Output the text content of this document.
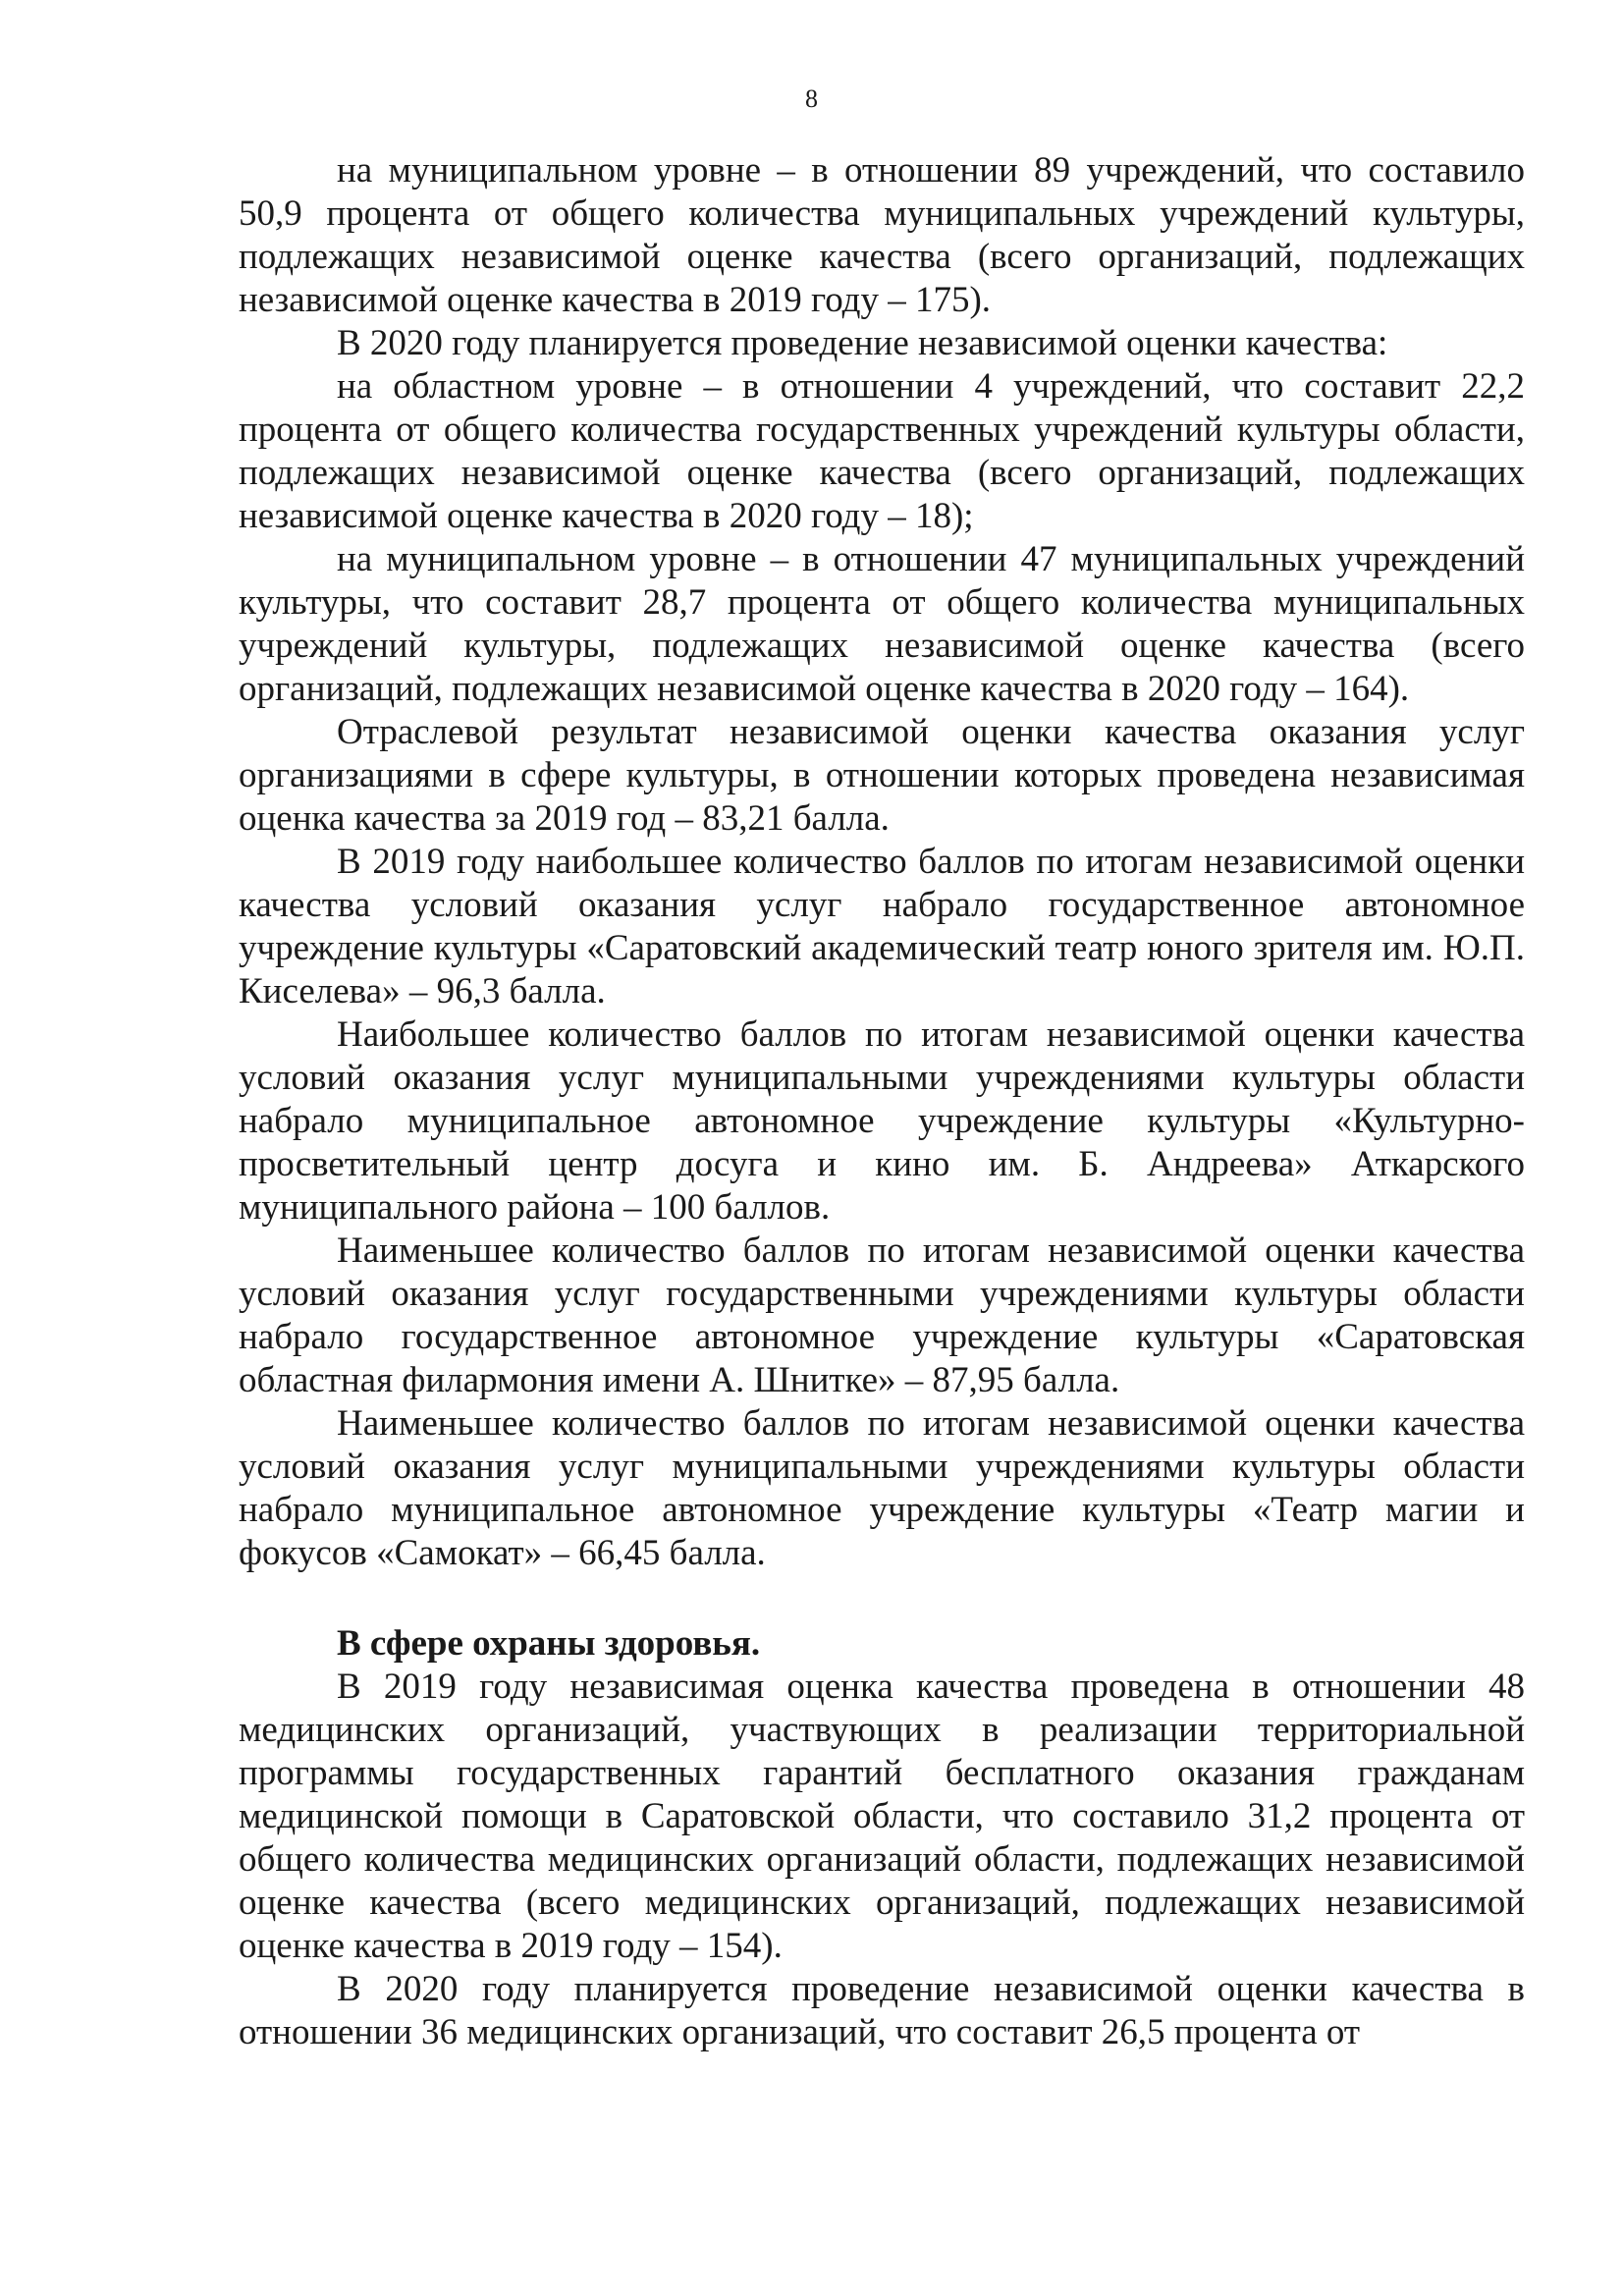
8

на муниципальном уровне – в отношении 89 учреждений, что составило 50,9 процента от общего количества муниципальных учреждений культуры, подлежащих независимой оценке качества (всего организаций, подлежащих независимой оценке качества в 2019 году – 175).

В 2020 году планируется проведение независимой оценки качества:

на областном уровне – в отношении 4 учреждений, что составит 22,2 процента от общего количества государственных учреждений культуры области, подлежащих независимой оценке качества (всего организаций, подлежащих независимой оценке качества в 2020 году – 18);

на муниципальном уровне – в отношении 47 муниципальных учреждений культуры, что составит 28,7 процента от общего количества муниципальных учреждений культуры, подлежащих независимой оценке качества (всего организаций, подлежащих независимой оценке качества в 2020 году – 164).

Отраслевой результат независимой оценки качества оказания услуг организациями в сфере культуры, в отношении которых проведена независимая оценка качества за 2019 год – 83,21 балла.

В 2019 году наибольшее количество баллов по итогам независимой оценки качества условий оказания услуг набрало государственное автономное учреждение культуры «Саратовский академический театр юного зрителя им. Ю.П. Киселева» – 96,3 балла.

Наибольшее количество баллов по итогам независимой оценки качества условий оказания услуг муниципальными учреждениями культуры области набрало муниципальное автономное учреждение культуры «Культурно-просветительный центр досуга и кино им. Б. Андреева» Аткарского муниципального района – 100 баллов.

Наименьшее количество баллов по итогам независимой оценки качества условий оказания услуг государственными учреждениями культуры области набрало государственное автономное учреждение культуры «Саратовская областная филармония имени А. Шнитке» – 87,95 балла.

Наименьшее количество баллов по итогам независимой оценки качества условий оказания услуг муниципальными учреждениями культуры области набрало муниципальное автономное учреждение культуры «Театр магии и фокусов «Самокат» – 66,45 балла.

В сфере охраны здоровья.

В 2019 году независимая оценка качества проведена в отношении 48 медицинских организаций, участвующих в реализации территориальной программы государственных гарантий бесплатного оказания гражданам медицинской помощи в Саратовской области, что составило 31,2 процента от общего количества медицинских организаций области, подлежащих независимой оценке качества (всего медицинских организаций, подлежащих независимой оценке качества в 2019 году – 154).

В 2020 году планируется проведение независимой оценки качества в отношении 36 медицинских организаций, что составит 26,5 процента от
